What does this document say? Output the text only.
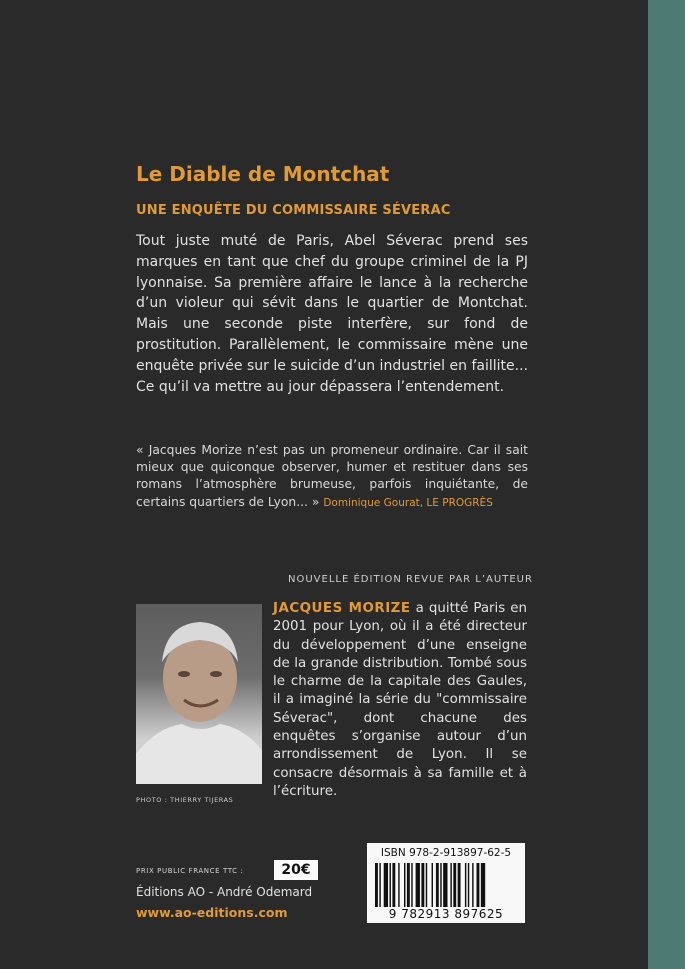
Le Diable de Montchat
UNE ENQUÊTE DU COMMISSAIRE SÉVERAC

Tout juste muté de Paris, Abel Séverac prend ses marques en tant que chef du groupe criminel de la PJ lyonnaise. Sa première affaire le lance à la recherche d’un violeur qui sévit dans le quartier de Montchat. Mais une seconde piste interfère, sur fond de prostitution. Parallèlement, le commissaire mène une enquête privée sur le suicide d’un industriel en faillite... Ce qu’il va mettre au jour dépassera l’entendement.

« Jacques Morize n’est pas un promeneur ordinaire. Car il sait mieux que quiconque observer, humer et restituer dans ses romans l’atmosphère brumeuse, parfois inquiétante, de certains quartiers de Lyon... » Dominique Gourat, LE PROGRÈS

NOUVELLE ÉDITION REVUE PAR L’AUTEUR
PHOTO : THIERRY TIJERAS

JACQUES MORIZE a quitté Paris en 2001 pour Lyon, où il a été directeur du développement d’une enseigne de la grande distribution. Tombé sous le charme de la capitale des Gaules, il a imaginé la série du "commissaire Séverac", dont chacune des enquêtes s’organise autour d’un arrondissement de Lyon. Il se consacre désormais à sa famille et à l’écriture.

PRIX PUBLIC FRANCE TTC :	20€
Éditions AO - André Odemard
www.ao-editions.com
ISBN 978-2-913897-62-5
9 782913 897625
